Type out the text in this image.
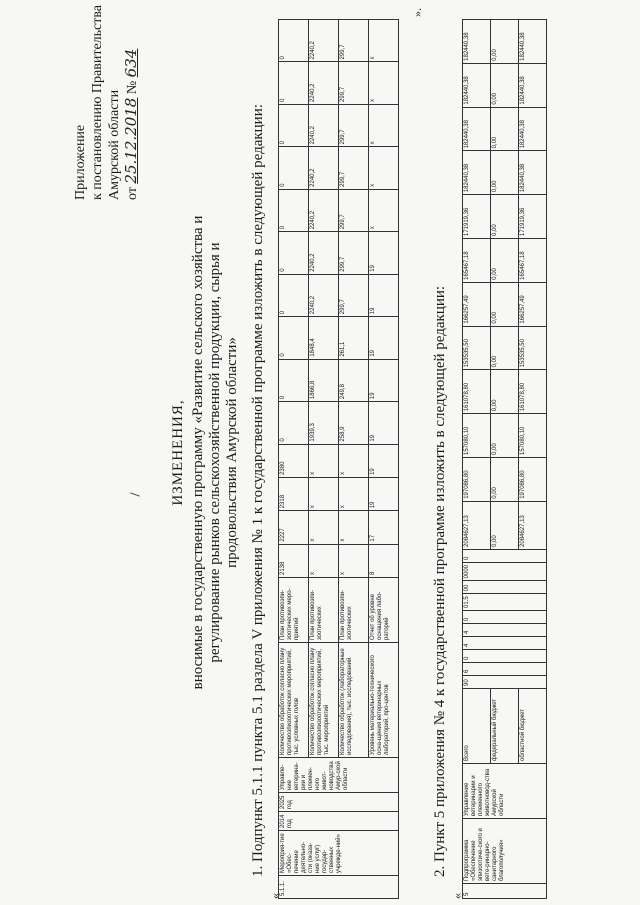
Приложение к постановлению Правительства Амурской области от 25.12.2018 № 634
ИЗМЕНЕНИЯ, вносимые в государственную программу «Развитие сельского хозяйства и регулирование рынков сельскохозяйственной продукции, сырья и продовольствия Амурской области» 1. Подпункт 5.1.1 пункта 5.1 раздела V приложения № 1 к государственной программе изложить в следующей редакции:
«
5.1.1.	Мероприя-тие «Обес-печение деятельно-сти (оказа-ние услуг) государ-ственных учрежде-ний»	2014 год	2025 год	Управле-ние ветерина-рии и племен-ного живот-новодства Амур-ской области	Количество обработок согласно плану противоэпизоотических мероприятий, тыс. условных голов	План противоэпи-зоотических меро-приятий	2138	2227	2318	2380	0	0	0	0	0	0	0	0	0	0
					Количество обработок согласно плану противоэпизоотических мероприятий, тыс. мероприятий	План противоэпи-зоотических	x	x	x	x	1939,3	1866,8	1848,4	2240,2	2240,2	2240,2	2240,2	2240,2	2240,2	2240,2
					Количество обработок (лабораторные исследования), тыс. исследований	План противоэпи-зоотических	x	x	x	x	258,9	249,8	261,1	299,7	299,7	299,7	299,7	299,7	299,7	299,7
					Уровень материально-технического осна-щения ветеринарных лабораторий, про-центов	Отчет об уровне оснащения лабо-раторий	8	17	19	19	19	19	19	19	19	x	x	x	x	x
».
2. Пункт 5 приложения № 4 к государственной программе изложить в следующей редакции:
« 5	Подпрограмма «Обеспечение эпизоотиче-ского и вете-ринарно-санитарного благополучия»	Управление ветеринарии и племенного животновод-ства Амурской области	Всего	90	6	0	4	4	0	01.5	00	0000	0	2084627,13	197086,80	157080,10	161078,80	153535,50	166257,49	165467,18	171919,36	182440,38	182440,38	182440,38	182440,38
			федеральный бюджет											0,00	0,00	0,00	0,00	0,00	0,00	0,00	0,00	0,00	0,00	0,00	0,00
			областной бюджет											2084627,13	197086,80	157080,10	161078,80	153535,50	166257,49	165467,18	171919,36	182440,38	182440,38	182440,38	182440,38
